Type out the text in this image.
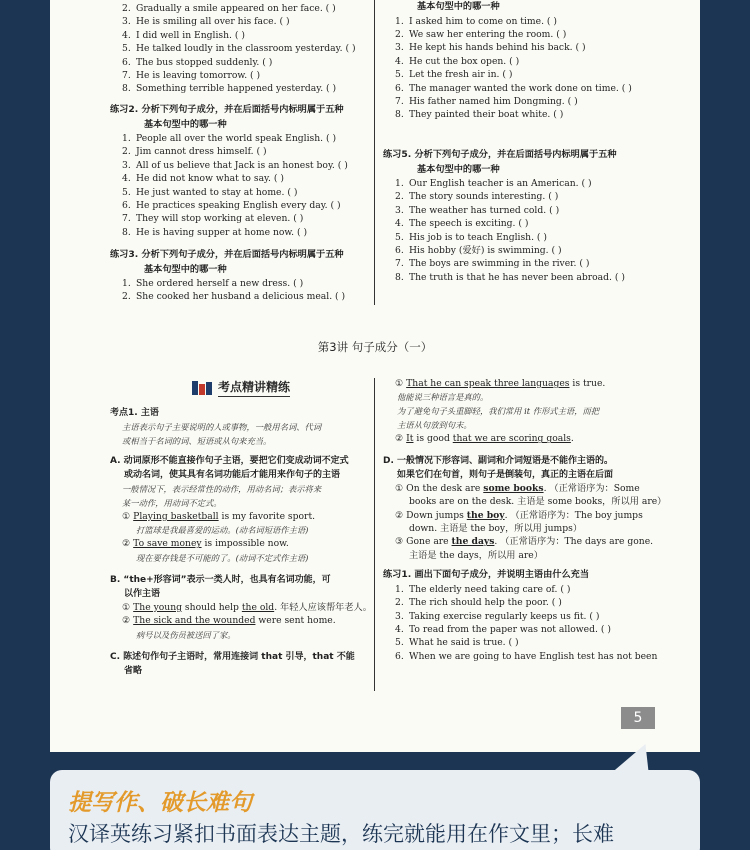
2. Gradually a smile appeared on her face. ( )

3. He is smiling all over his face. ( )

4. I did well in English. ( )

5. He talked loudly in the classroom yesterday. ( )

6. The bus stopped suddenly. ( )

7. He is leaving tomorrow. ( )

8. Something terrible happened yesterday. ( )

练习2. 分析下列句子成分，并在后面括号内标明属于五种
基本句型中的哪一种

1. People all over the world speak English. ( )

2. Jim cannot dress himself. ( )

3. All of us believe that Jack is an honest boy. ( )

4. He did not know what to say. ( )

5. He just wanted to stay at home. ( )

6. He practices speaking English every day. ( )

7. They will stop working at eleven. ( )

8. He is having supper at home now. ( )

练习3. 分析下列句子成分，并在后面括号内标明属于五种
基本句型中的哪一种

1. She ordered herself a new dress. ( )

2. She cooked her husband a delicious meal. ( )

基本句型中的哪一种

1. I asked him to come on time. ( )

2. We saw her entering the room. ( )

3. He kept his hands behind his back. ( )

4. He cut the box open. ( )

5. Let the fresh air in. ( )

6. The manager wanted the work done on time. ( )

7. His father named him Dongming. ( )

8. They painted their boat white. ( )

练习5. 分析下列句子成分，并在后面括号内标明属于五种
基本句型中的哪一种

1. Our English teacher is an American. ( )

2. The story sounds interesting. ( )

3. The weather has turned cold. ( )

4. The speech is exciting. ( )

5. His job is to teach English. ( )

6. His hobby (爱好) is swimming. ( )

7. The boys are swimming in the river. ( )

8. The truth is that he has never been abroad. ( )

第3讲 句子成分（一）
考点精讲精练

考点1. 主语

主语表示句子主要说明的人或事物，一般用名词、代词

或相当于名词的词、短语或从句来充当。

A. 动词原形不能直接作句子主语，要把它们变成动词不定式

或动名词，使其具有名词功能后才能用来作句子的主语

一般情况下，表示经常性的动作，用动名词；表示将来

某一动作，用动词不定式。

① Playing basketball is my favorite sport.

打篮球是我最喜爱的运动。(动名词短语作主语)

② To save money is impossible now.

现在要存钱是不可能的了。(动词不定式作主语)

B. “the+形容词”表示一类人时，也具有名词功能，可

以作主语

① The young should help the old. 年轻人应该帮年老人。

② The sick and the wounded were sent home.

病号以及伤员被送回了家。

C. 陈述句作句子主语时，常用连接词 that 引导，that 不能

省略

① That he can speak three languages is true.

他能说三种语言是真的。

为了避免句子头重脚轻，我们常用 it 作形式主语，而把

主语从句放到句末。

② It is good that we are scoring goals.

D. 一般情况下形容词、副词和介词短语是不能作主语的。

如果它们在句首，则句子是倒装句，真正的主语在后面

① On the desk are some books. （正常语序为：Some

books are on the desk. 主语是 some books，所以用 are）

② Down jumps the boy. （正常语序为：The boy jumps

down. 主语是 the boy，所以用 jumps）

③ Gone are the days. （正常语序为：The days are gone.

主语是 the days，所以用 are）

练习1. 画出下面句子成分，并说明主语由什么充当

1. The elderly need taking care of. ( )

2. The rich should help the poor. ( )

3. Taking exercise regularly keeps us fit. ( )

4. To read from the paper was not allowed. ( )

5. What he said is true. ( )

6. When we are going to have English test has not been

5
提写作、破长难句
汉译英练习紧扣书面表达主题，练完就能用在作文里；长难
